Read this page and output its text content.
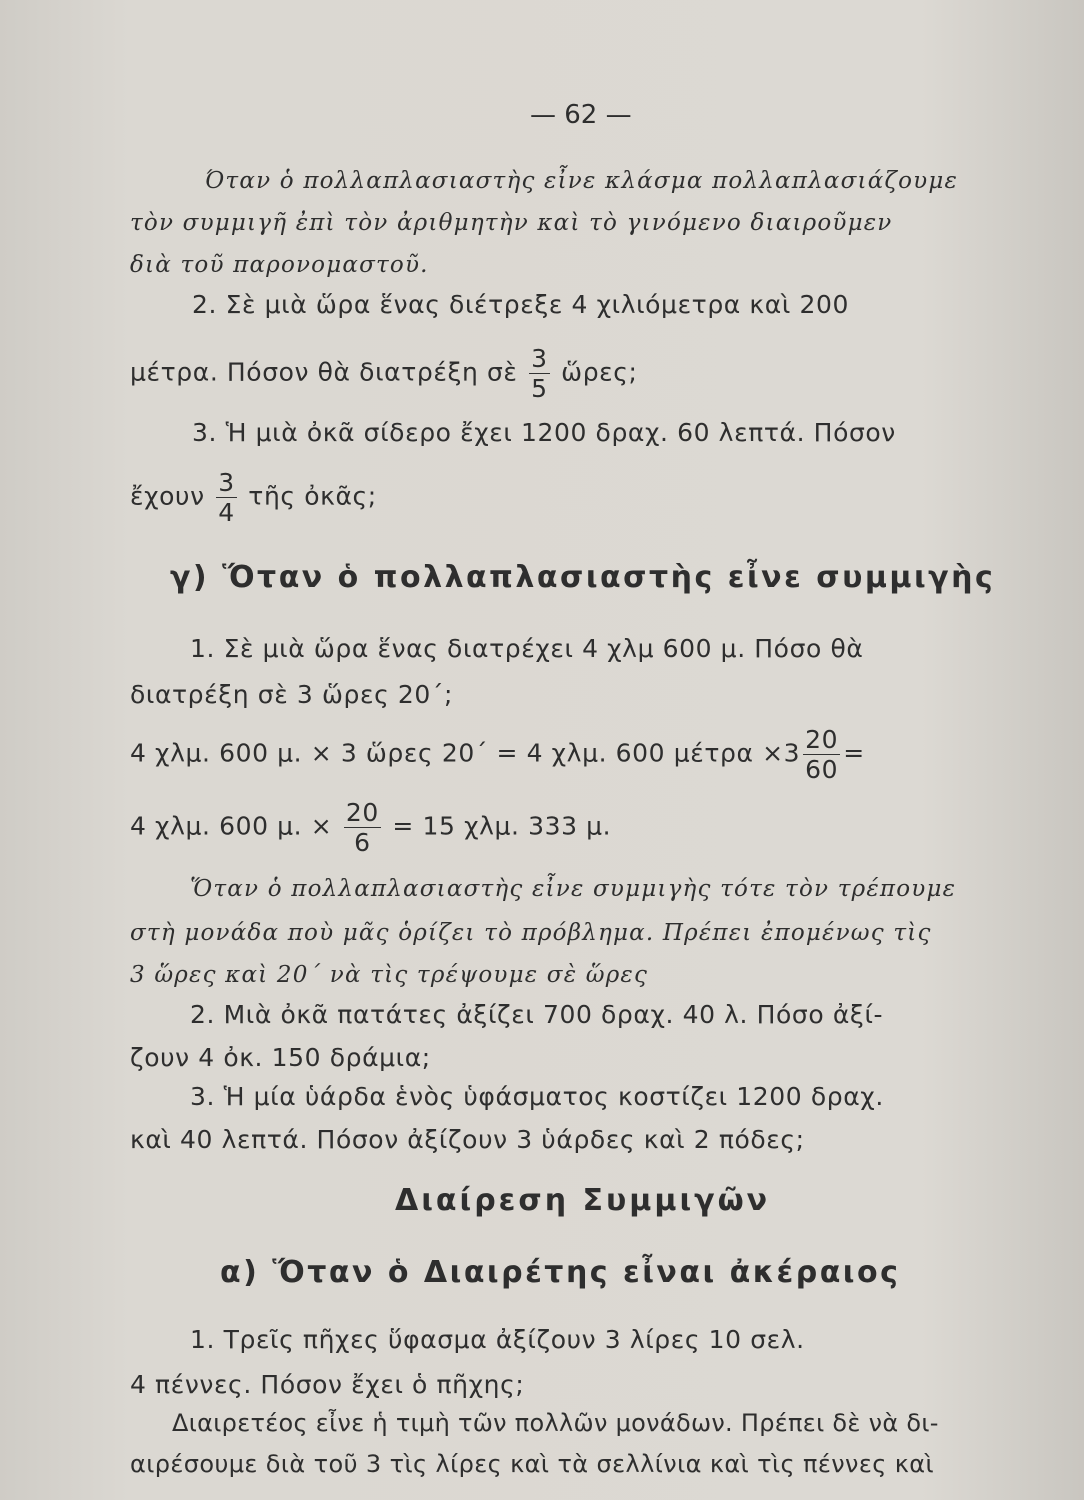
— 62 —
Όταν ὁ πολλαπλασιαστὴς εἶνε κλάσμα πολλαπλασιάζουμε
τὸν συμμιγῆ ἐπὶ τὸν ἀριθμητὴν καὶ τὸ γινόμενο διαιροῦμεν
διὰ τοῦ παρονομαστοῦ.
2. Σὲ μιὰ ὥρα ἕνας διέτρεξε 4 χιλιόμετρα καὶ 200
μέτρα. Πόσον θὰ διατρέξη σὲ $\frac{3}{5}$ ὥρες;
3. Ἡ μιὰ ὀκᾶ σίδερο ἔχει 1200 δραχ. 60 λεπτά. Πόσον
ἔχουν $\frac{3}{4}$ τῆς ὀκᾶς;
γ) Ὅταν ὁ πολλαπλασιαστὴς εἶνε συμμιγὴς
1. Σὲ μιὰ ὥρα ἕνας διατρέχει 4 χλμ 600 μ. Πόσο θὰ
διατρέξη σὲ 3 ὥρες 20΄;
4 χλμ. 600 μ. × 3 ὥρες 20΄ = 4 χλμ. 600 $\mu έ\tau\rho\alpha \times 3 \frac{20}{60}$ =
4 χλμ. 600 μ. × $\frac{20}{6} = 15$ χλμ. 333 μ.
Ὅταν ὁ πολλαπλασιαστὴς εἶνε συμμιγὴς τότε τὸν τρέπουμε
στὴ μονάδα ποὺ μᾶς ὁρίζει τὸ πρόβλημα. Πρέπει ἐπομένως τὶς
3 ὥρες καὶ 20΄ νὰ τὶς τρέψουμε σὲ ὥρες
2. Μιὰ ὀκᾶ πατάτες ἀξίζει 700 δραχ. 40 λ. Πόσο ἀξί-
ζουν 4 ὀκ. 150 δράμια;
3. Ἡ μία ὑάρδα ἑνὸς ὑφάσματος κοστίζει 1200 δραχ.
καὶ 40 λεπτά. Πόσον ἀξίζουν 3 ὑάρδες καὶ 2 πόδες;
Διαίρεση Συμμιγῶν
α) Ὅταν ὁ Διαιρέτης εἶναι ἀκέραιος
1. Τρεῖς πῆχες ὕφασμα ἀξίζουν 3 λίρες 10 σελ.
4 πέννες. Πόσον ἔχει ὁ πῆχης;
Διαιρετέος εἶνε ἡ τιμὴ τῶν πολλῶν μονάδων. Πρέπει δὲ νὰ δι-
αιρέσουμε διὰ τοῦ 3 τὶς λίρες καὶ τὰ σελλίνια καὶ τὶς πέννες καὶ
